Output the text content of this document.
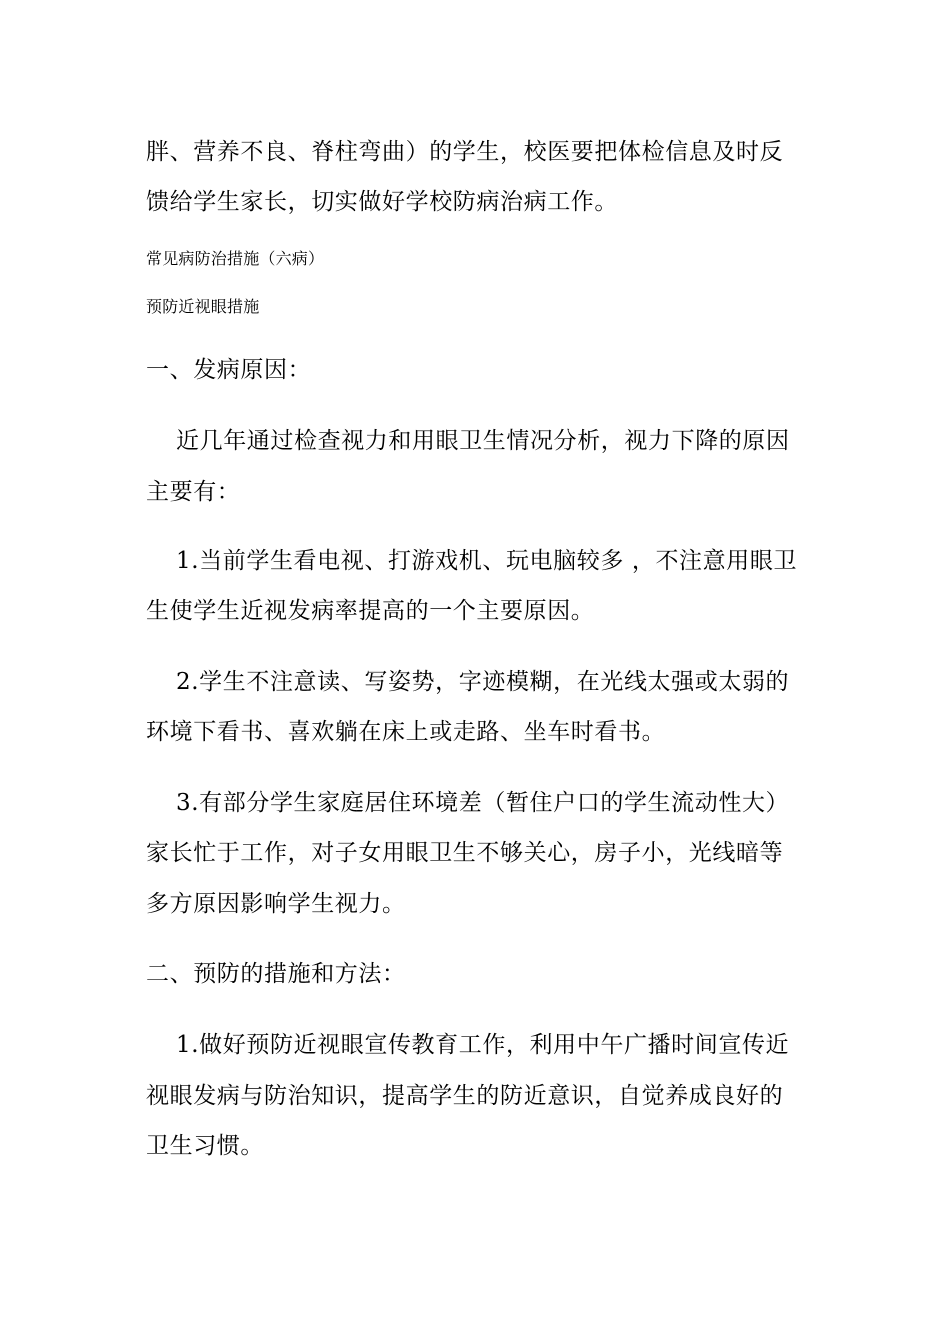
胖、营养不良、脊柱弯曲）的学生，校医要把体检信息及时反
馈给学生家长，切实做好学校防病治病工作。
常见病防治措施（六病）
预防近视眼措施
一、发病原因：
近几年通过检查视力和用眼卫生情况分析，视力下降的原因
主要有：
1.当前学生看电视、打游戏机、玩电脑较多 ，不注意用眼卫
生使学生近视发病率提高的一个主要原因。
2.学生不注意读、写姿势，字迹模糊，在光线太强或太弱的
环境下看书、喜欢躺在床上或走路、坐车时看书。
3.有部分学生家庭居住环境差（暂住户口的学生流动性大）
家长忙于工作，对子女用眼卫生不够关心，房子小，光线暗等
多方原因影响学生视力。
二、预防的措施和方法：
1.做好预防近视眼宣传教育工作，利用中午广播时间宣传近
视眼发病与防治知识，提高学生的防近意识，自觉养成良好的
卫生习惯。
